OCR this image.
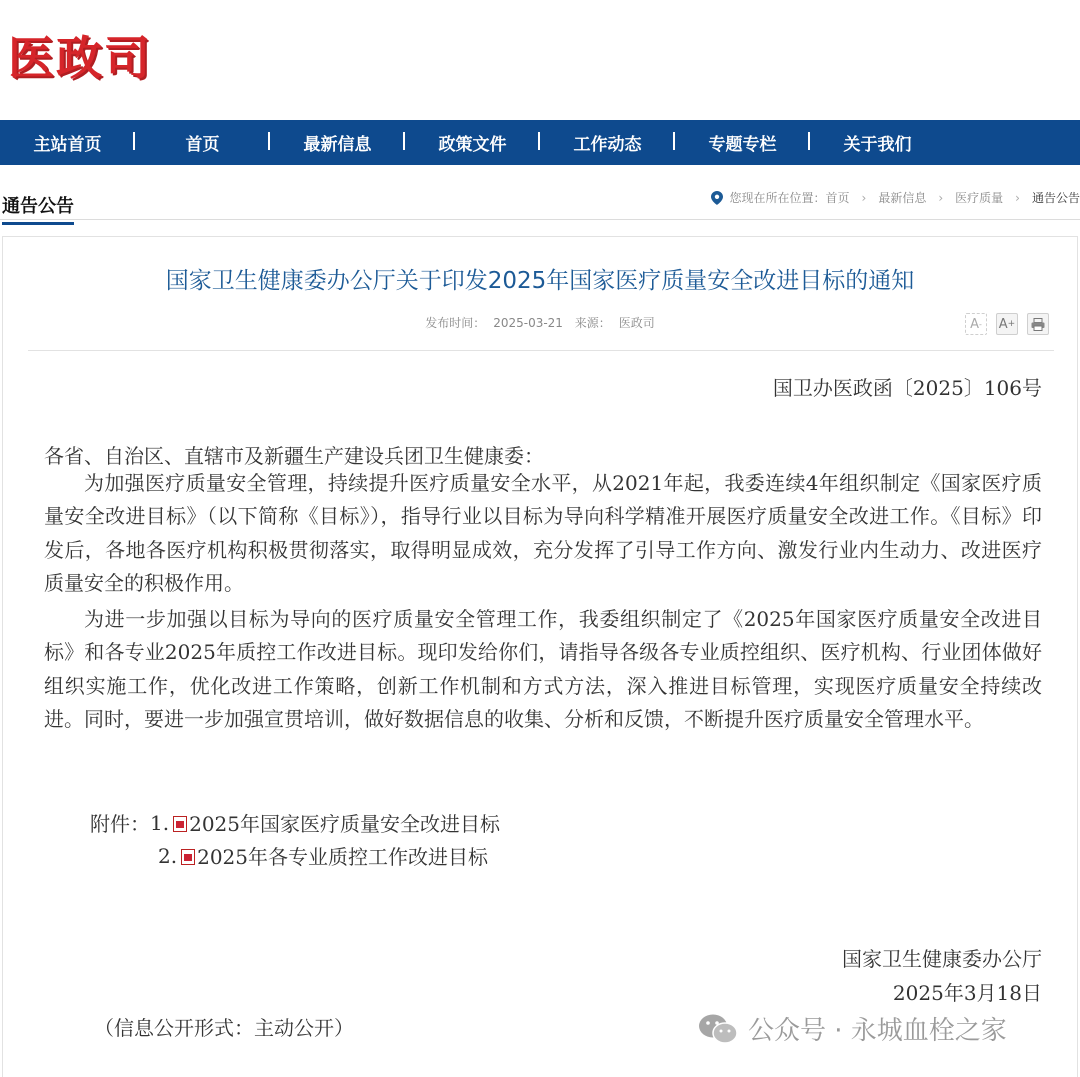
医政司
主站首页	首页	最新信息	政策文件	工作动态	专题专栏	关于我们
通告公告	您现在所在位置： 首页 › 最新信息 › 医疗质量 › 通告公告
国家卫生健康委办公厅关于印发2025年国家医疗质量安全改进目标的通知
发布时间： 2025-03-21 来源： 医政司	A - A +
国卫办医政函〔2025〕106号
各省、自治区、直辖市及新疆生产建设兵团卫生健康委：

为加强医疗质量安全管理，持续提升医疗质量安全水平，从2021年起，我委连续4年组织制定《国家医疗质量安全改进目标》（以下简称《目标》），指导行业以目标为导向科学精准开展医疗质量安全改进工作。《目标》印发后，各地各医疗机构积极贯彻落实，取得明显成效，充分发挥了引导工作方向、激发行业内生动力、改进医疗质量安全的积极作用。

为进一步加强以目标为导向的医疗质量安全管理工作，我委组织制定了《2025年国家医疗质量安全改进目标》和各专业2025年质控工作改进目标。现印发给你们，请指导各级各专业质控组织、医疗机构、行业团体做好组织实施工作，优化改进工作策略，创新工作机制和方式方法，深入推进目标管理，实现医疗质量安全持续改进。同时，要进一步加强宣贯培训，做好数据信息的收集、分析和反馈，不断提升医疗质量安全管理水平。

附件： 1. 2025年国家医疗质量安全改进目标
2. 2025年各专业质控工作改进目标
国家卫生健康委办公厅
2025年3月18日
（信息公开形式：主动公开）	公众号 · 永城血栓之家
